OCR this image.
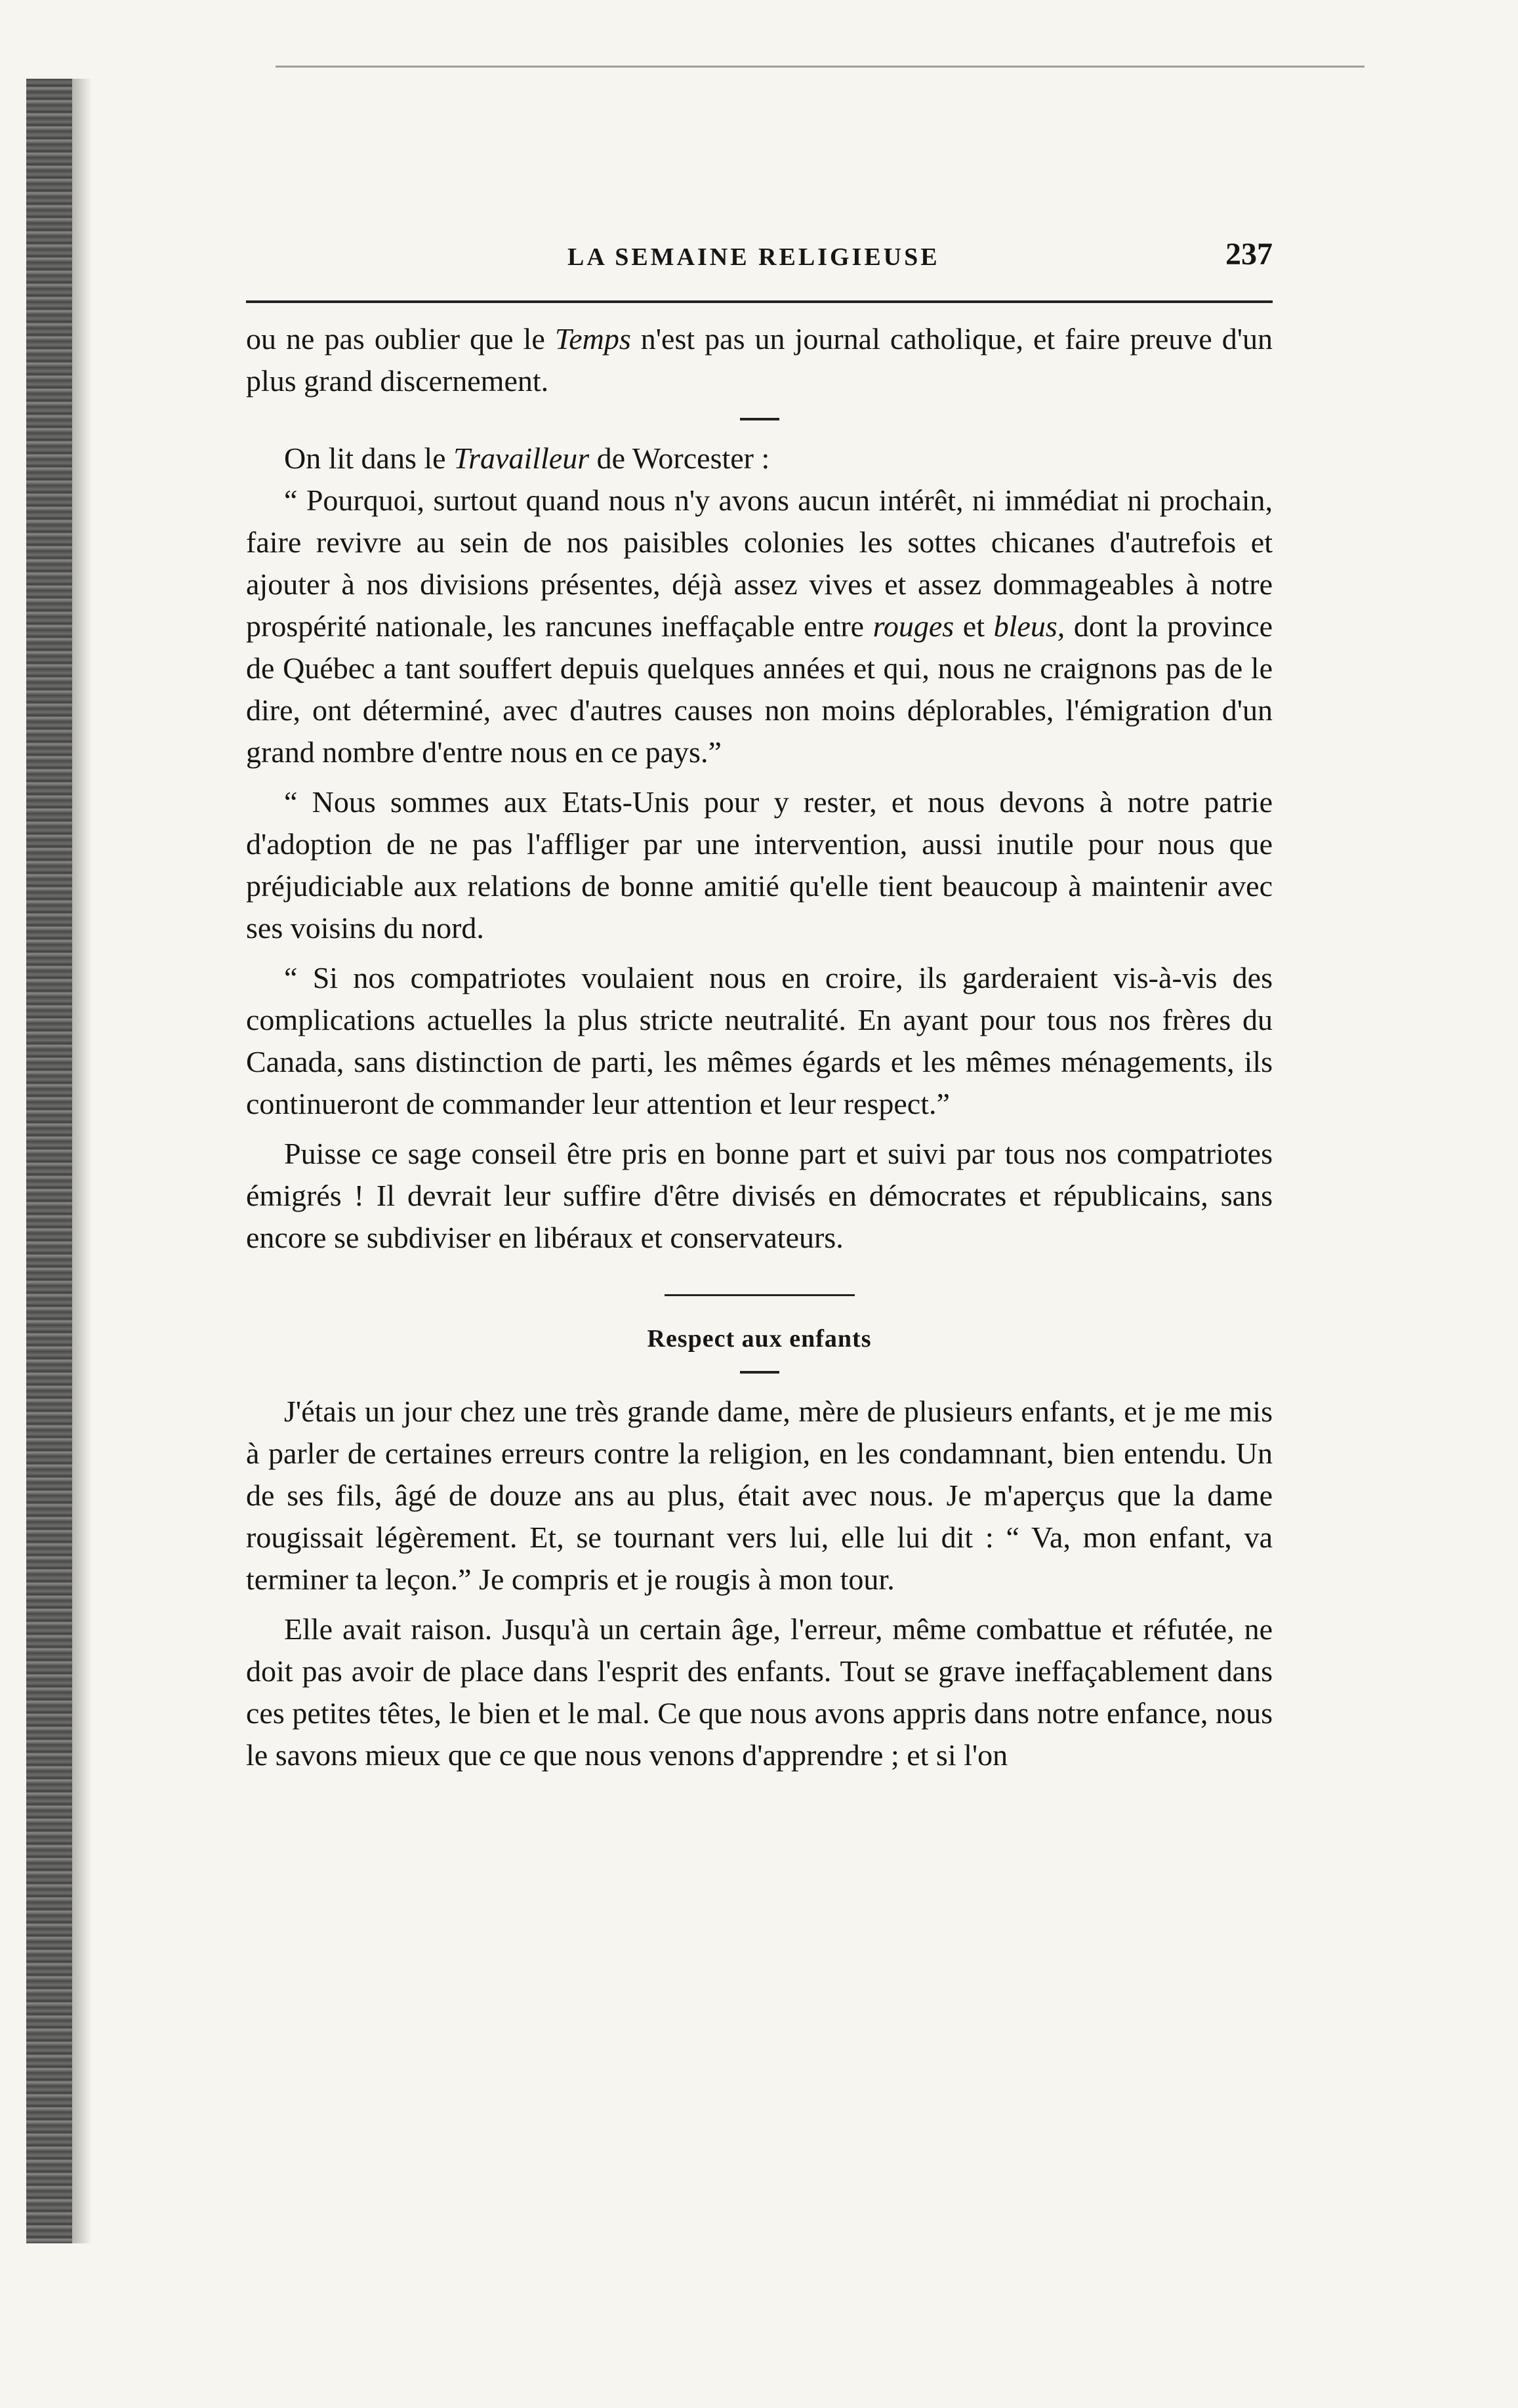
LA SEMAINE RELIGIEUSE	237

ou ne pas oublier que le Temps n'est pas un journal catholique, et faire preuve d'un plus grand discernement.

On lit dans le Travailleur de Worcester :

“ Pourquoi, surtout quand nous n'y avons aucun intérêt, ni immédiat ni prochain, faire revivre au sein de nos paisibles colonies les sottes chicanes d'autrefois et ajouter à nos divisions présentes, déjà assez vives et assez dommageables à notre prospérité nationale, les rancunes ineffaçable entre rouges et bleus, dont la province de Québec a tant souffert depuis quelques années et qui, nous ne craignons pas de le dire, ont déterminé, avec d'autres causes non moins déplorables, l'émigration d'un grand nombre d'entre nous en ce pays.”

“ Nous sommes aux Etats-Unis pour y rester, et nous devons à notre patrie d'adoption de ne pas l'affliger par une intervention, aussi inutile pour nous que préjudiciable aux relations de bonne amitié qu'elle tient beaucoup à maintenir avec ses voisins du nord.

“ Si nos compatriotes voulaient nous en croire, ils garderaient vis-à-vis des complications actuelles la plus stricte neutralité. En ayant pour tous nos frères du Canada, sans distinction de parti, les mêmes égards et les mêmes ménagements, ils continueront de commander leur attention et leur respect.”

Puisse ce sage conseil être pris en bonne part et suivi par tous nos compatriotes émigrés ! Il devrait leur suffire d'être divisés en démocrates et républicains, sans encore se subdiviser en libéraux et conservateurs.

Respect aux enfants

J'étais un jour chez une très grande dame, mère de plusieurs enfants, et je me mis à parler de certaines erreurs contre la religion, en les condamnant, bien entendu. Un de ses fils, âgé de douze ans au plus, était avec nous. Je m'aperçus que la dame rougissait légèrement. Et, se tournant vers lui, elle lui dit : “ Va, mon enfant, va terminer ta leçon.” Je compris et je rougis à mon tour.

Elle avait raison. Jusqu'à un certain âge, l'erreur, même combattue et réfutée, ne doit pas avoir de place dans l'esprit des enfants. Tout se grave ineffaçablement dans ces petites têtes, le bien et le mal. Ce que nous avons appris dans notre enfance, nous le savons mieux que ce que nous venons d'apprendre ; et si l'on
